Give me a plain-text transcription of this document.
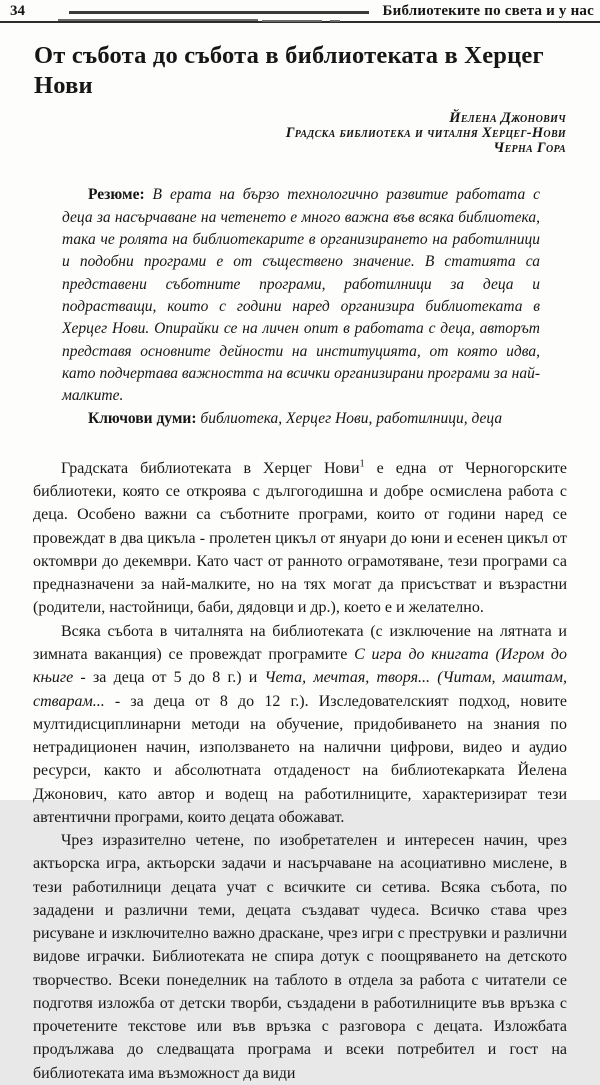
34	Библиотеките по света и у нас
От събота до събота в библиотеката в Херцег Нови
Йелена Джонович
Градска библиотека и читалня Херцег-Нови
Черна Гора

Резюме: В ерата на бързо технологично развитие работата с деца за насърчаване на четенето е много важна във всяка библиотека, така че ролята на библиотекарите в организирането на работилници и подобни програми е от съществено значение. В статията са представени съботните програми, работилници за деца и подрастващи, които с години наред организира библиотеката в Херцег Нови. Опирайки се на личен опит в работата с деца, авторът представя основните дейности на институцията, от която идва, като подчертава важността на всички организирани програми за най-малките.

Ключови думи: библиотека, Херцег Нови, работилници, деца

Градската библиотеката в Херцег Нови$^1$ е една от Черногорските библиотеки, която се откроява с дългогодишна и добре осмислена работа с деца. Особено важни са съботните програми, които от години наред се провеждат в два цикъла - пролетен цикъл от януари до юни и есенен цикъл от октомври до декември. Като част от ранното ограмотяване, тези програми са предназначени за най-малките, но на тях могат да присъстват и възрастни (родители, настойници, баби, дядовци и др.), което е и желателно.

Всяка събота в читалнята на библиотеката (с изключение на лятната и зимната ваканция) се провеждат програмите С игра до книгата (Игром до књиге - за деца от 5 до 8 г.) и Чета, мечтая, творя... (Читам, маштам, стварам... - за деца от 8 до 12 г.). Изследователският подход, новите мултидисциплинарни методи на обучение, придобиването на знания по нетрадиционен начин, използването на налични цифрови, видео и аудио ресурси, както и абсолютната отдаденост на библиотекарката Йелена Джонович, като автор и водещ на работилниците, характеризират тези автентични програми, които децата обожават.

Чрез изразително четене, по изобретателен и интересен начин, чрез актьорска игра, актьорски задачи и насърчаване на асоциативно мислене, в тези работилници децата учат с всичките си сетива. Всяка събота, по зададени и различни теми, децата създават чудеса. Всичко става чрез рисуване и изключително важно драскане, чрез игри с преструвки и различни видове играчки. Библиотеката не спира дотук с поощряването на детското творчество. Всеки понеделник на таблото в отдела за работа с читатели се подготвя изложба от детски творби, създадени в работилниците във връзка с прочетените текстове или във връзка с разговора с децата. Изложбата продължава до следващата програма и всеки потребител и гост на библиотеката има възможност да види
